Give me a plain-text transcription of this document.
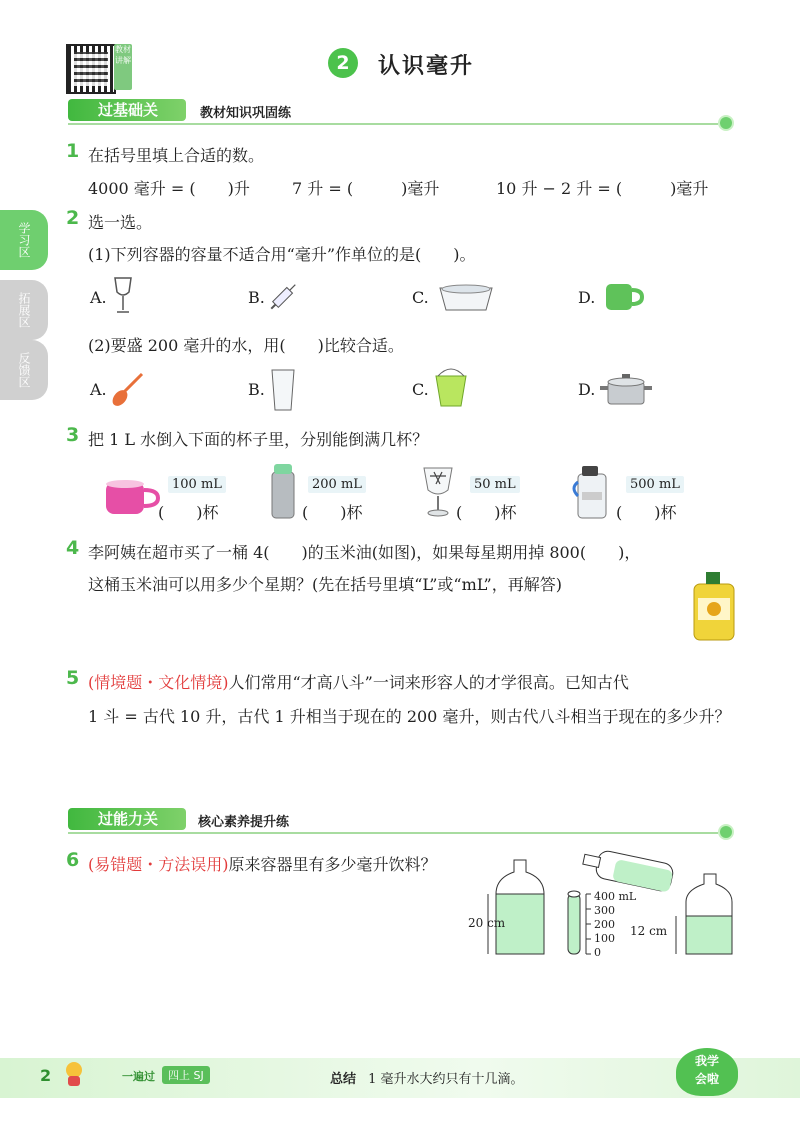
教材讲解	2	认识毫升
学习区
拓展区
反馈区
过基础关	教材知识巩固练
1 在括号里填上合适的数。
4000 毫升 = (　　)升	7 升 = (　　　)毫升	10 升 − 2 升 = (　　　)毫升
2 选一选。
(1)下列容器的容量不适合用“毫升”作单位的是(　　)。
A.	B.	C.	D.
(2)要盛 200 毫升的水，用(　　)比较合适。
A.	B.	C.	D.
3 把 1 L 水倒入下面的杯子里，分别能倒满几杯？
100 mL
(　　)杯
200 mL
(　　)杯
50 mL
(　　)杯
500 mL
(　　)杯
4 李阿姨在超市买了一桶 4(　　)的玉米油(如图)，如果每星期用掉 800(　　)，
这桶玉米油可以用多少个星期？(先在括号里填“L”或“mL”，再解答)
5 (情境题・文化情境)人们常用“才高八斗”一词来形容人的才学很高。已知古代
1 斗 = 古代 10 升，古代 1 升相当于现在的 200 毫升，则古代八斗相当于现在的多少升？
过能力关	核心素养提升练
6 (易错题・方法误用)原来容器里有多少毫升饮料？
20 cm
400 mL
300
200
100
0
12 cm
2	一遍过	四上 SJ	总结 1 毫升水大约只有十几滴。
我学
会啦
